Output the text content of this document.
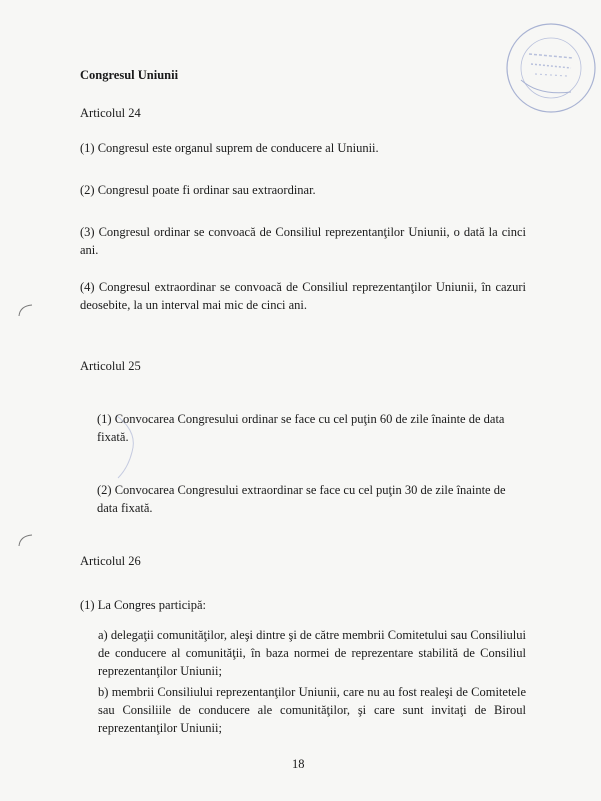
Congresul Uniunii

Articolul 24

(1) Congresul este organul suprem de conducere al Uniunii.

(2) Congresul poate fi ordinar sau extraordinar.

(3) Congresul ordinar se convoacă de Consiliul reprezentanţilor Uniunii, o dată la cinci ani.

(4) Congresul extraordinar se convoacă de Consiliul reprezentanţilor Uniunii, în cazuri deosebite, la un interval mai mic de cinci ani.

Articolul 25

(1) Convocarea Congresului ordinar se face cu cel puţin 60 de zile înainte de data fixată.

(2) Convocarea Congresului extraordinar se face cu cel puţin 30 de zile înainte de data fixată.

Articolul 26

(1) La Congres participă:

a) delegaţii comunităţilor, aleşi dintre şi de către membrii Comitetului sau Consiliului de conducere al comunităţii, în baza normei de reprezentare stabilită de Consiliul reprezentanţilor Uniunii;

b) membrii Consiliului reprezentanţilor Uniunii, care nu au fost realeşi de Comitetele sau Consiliile de conducere ale comunităţilor, şi care sunt invitaţi de Biroul reprezentanţilor Uniunii;

18
